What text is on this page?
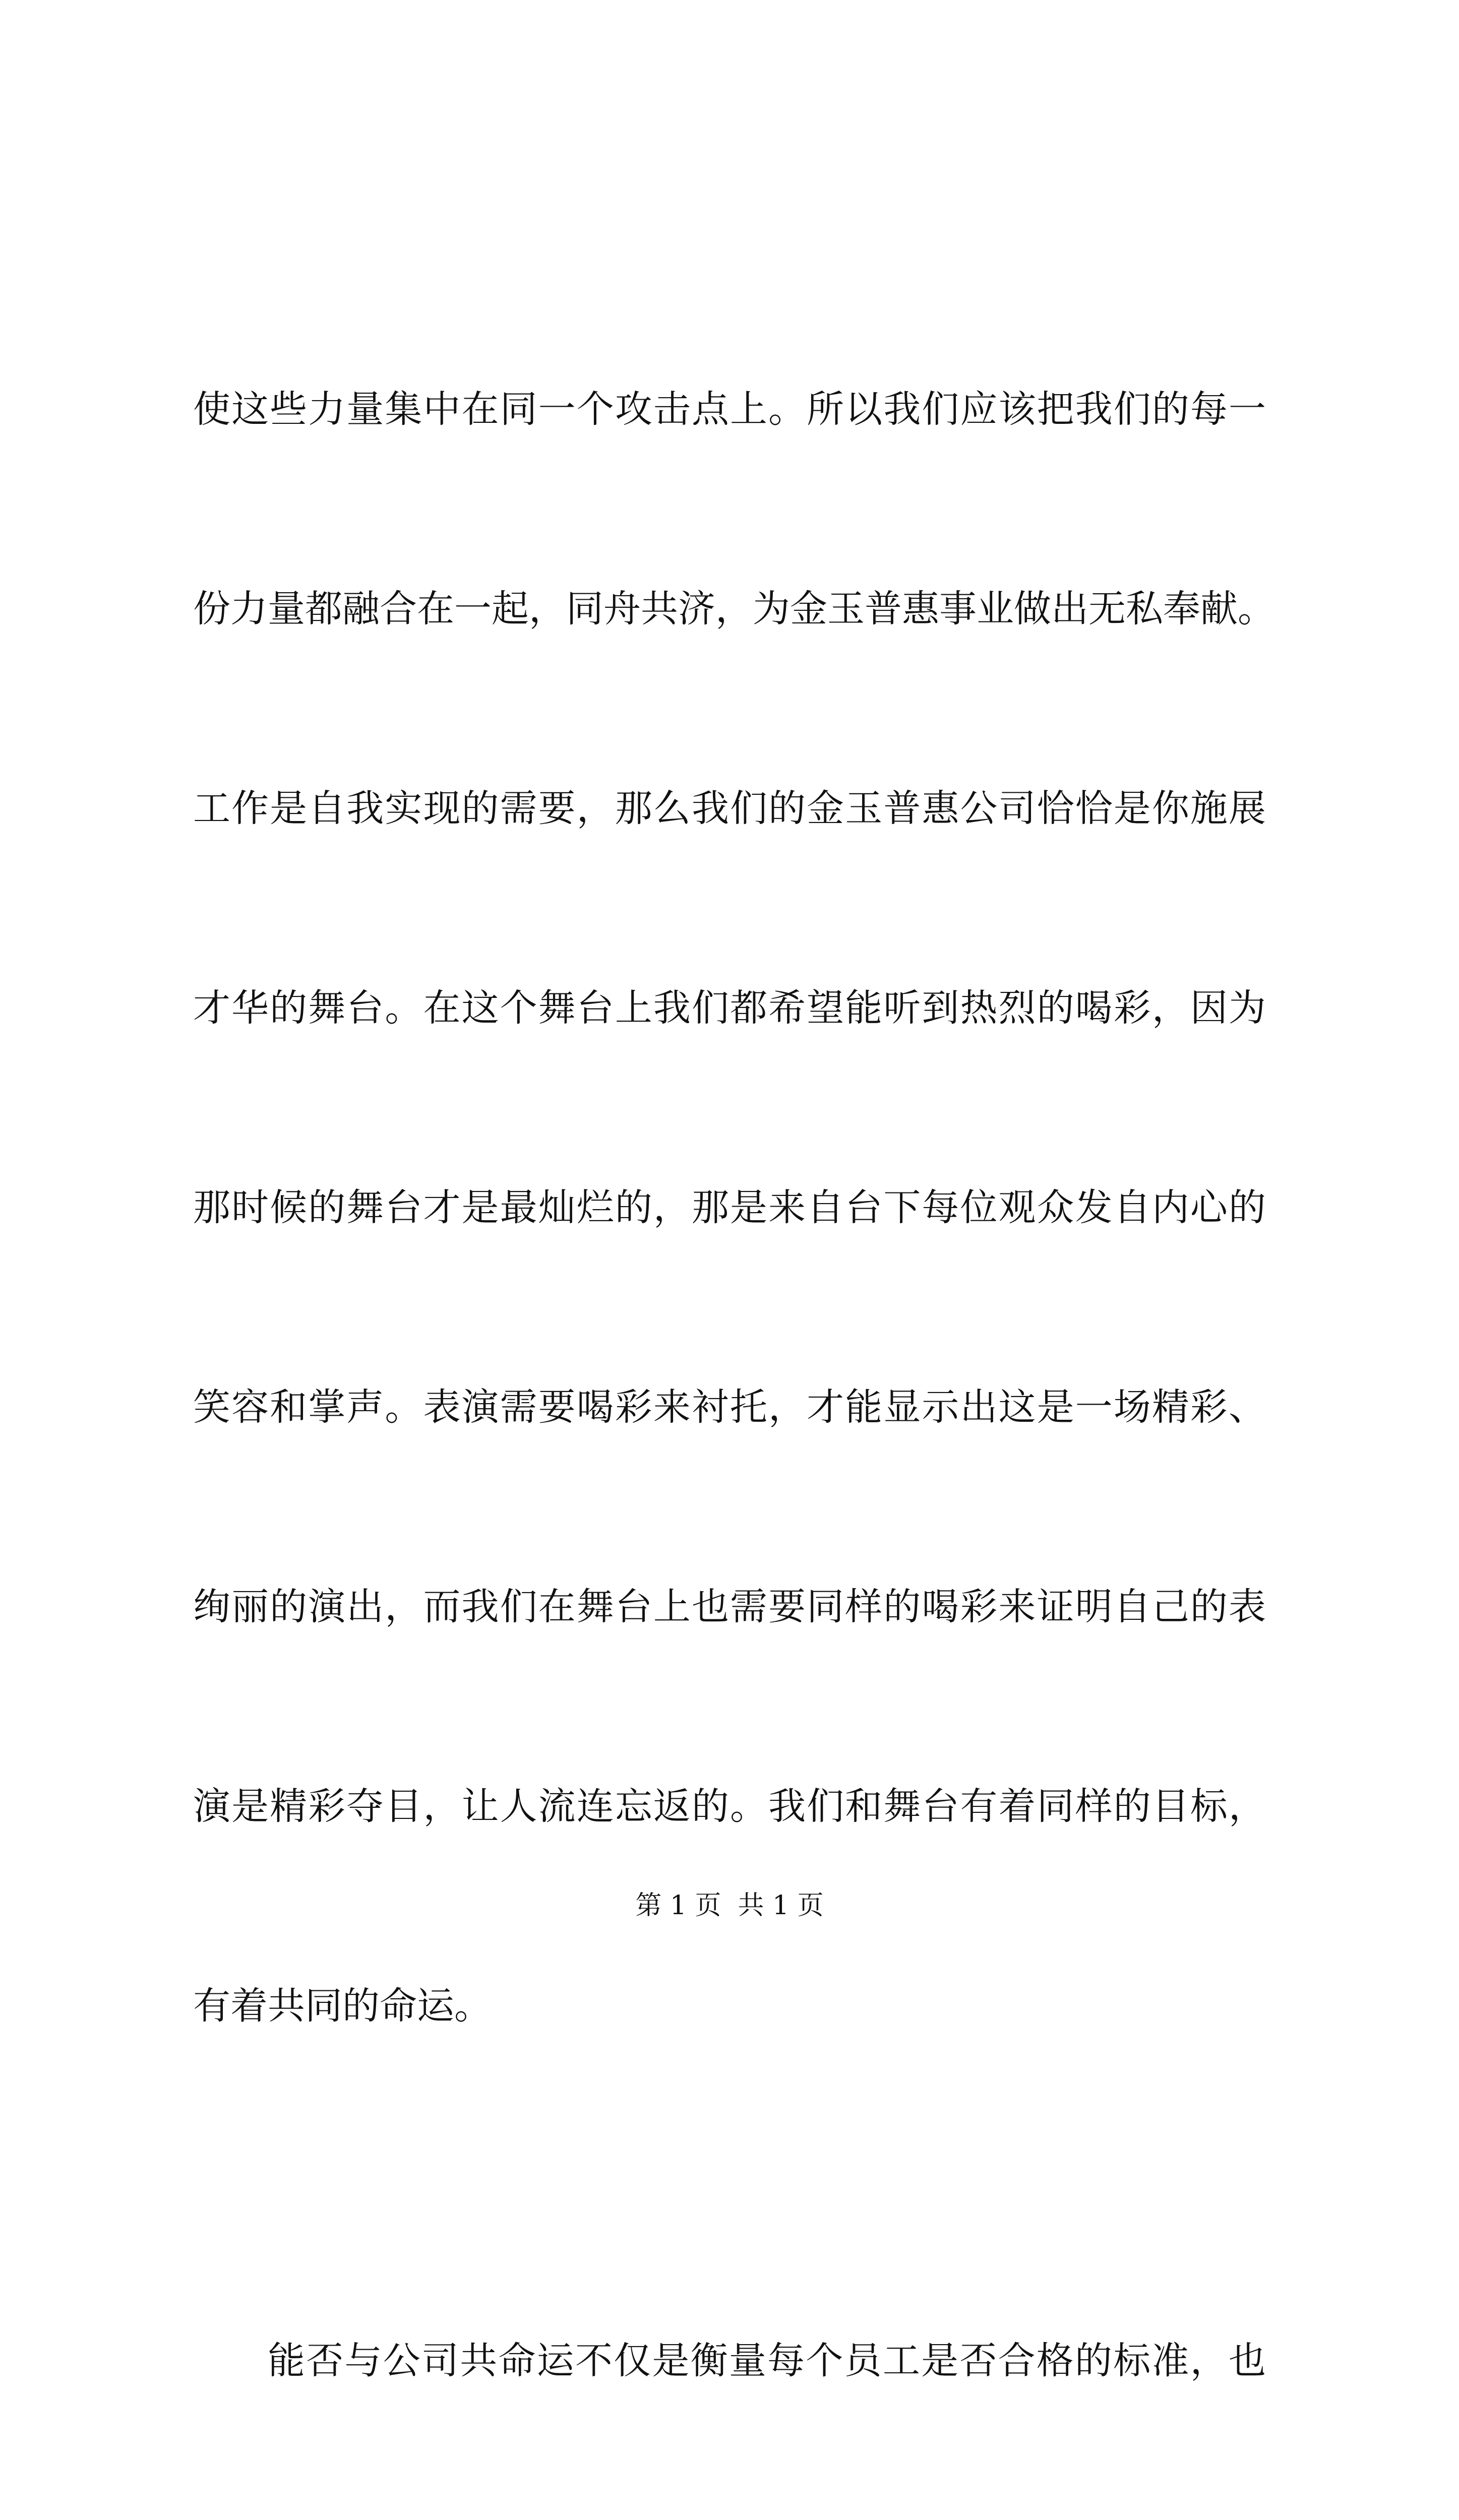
使这些力量集中在同一个攻击点上。所以我们应该把我们的每一

份力量都融合在一起，同舟共济，为金玉普惠事业做出无私奉献。

工作是自我实现的需要，那么我们的金玉普惠公司恰恰是你施展

才华的舞台。在这个舞台上我们都希望能听到热烈的喝彩，因为

那时候的舞台才是最灿烂的，那是来自台下每位观众发自内心的

笑容和掌声。表演需要喝彩来衬托，才能显示出这是一场精彩、

绚丽的演出，而我们在舞台上也需要同样的喝彩来证明自己的表

演是精彩夺目，让人流连忘返的。我们和舞台有着同样的目标，

有着共同的命运。

能否与公司共命运不仅是衡量每个员工是否合格的标准，也

第 1 页  共 1 页
